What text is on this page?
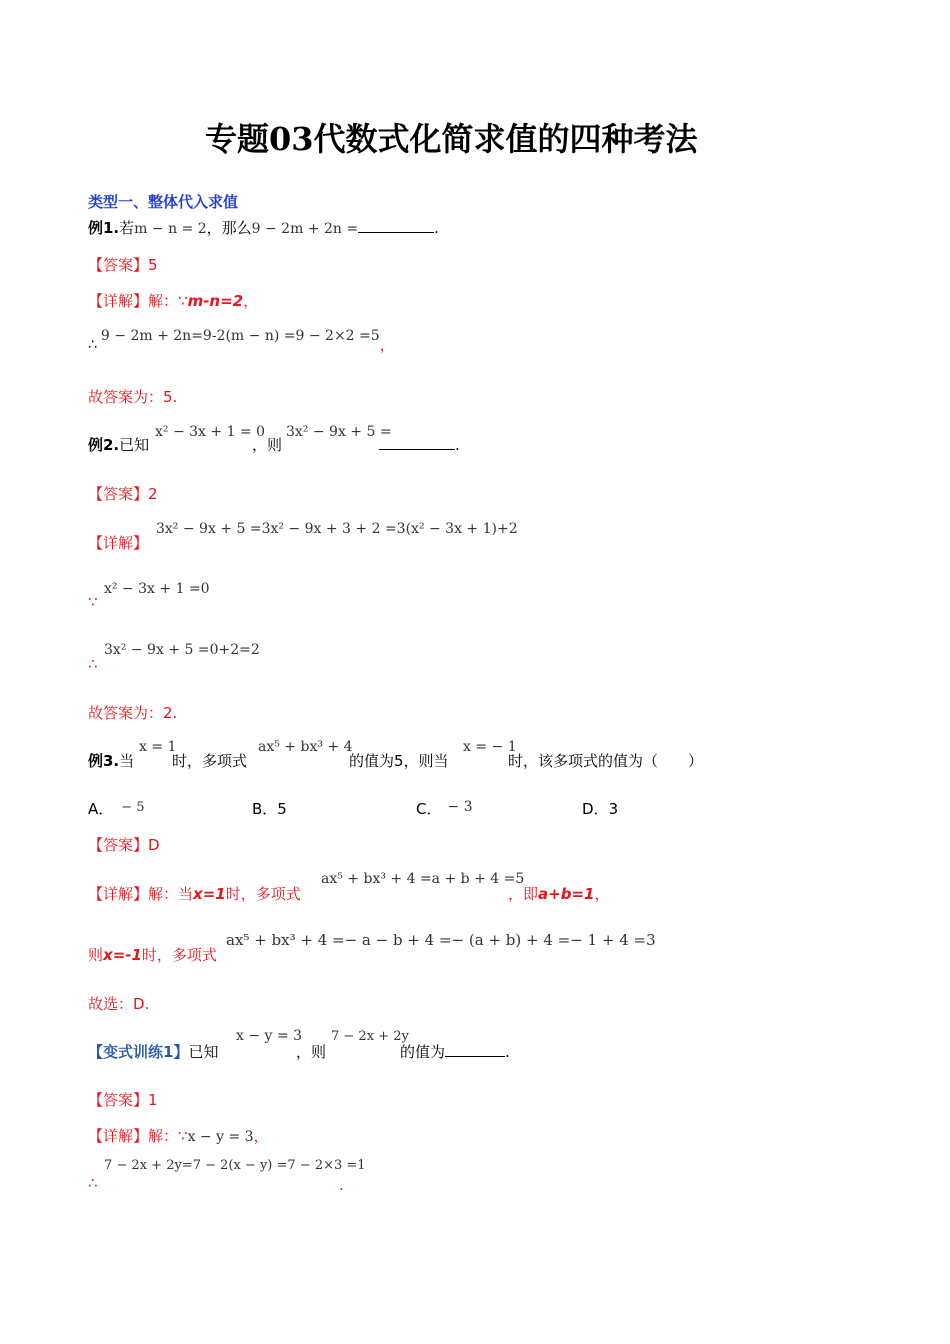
专题03代数式化简求值的四种考法
类型一、整体代入求值
例1.若m − n = 2，那么9 − 2m + 2n =	.
【答案】5
【详解】解：∵m-n=2，
∴9 − 2m + 2n=9-2(m − n) =9 − 2×2 =5，
故答案为：5.
例2.已知
x² − 3x + 1 = 0
，则
3x² − 9x + 5 =
.
【答案】2
【详解】
3x² − 9x + 5 =3x² − 9x + 3 + 2 =3(x² − 3x + 1)+2
∵
x² − 3x + 1 =0
∴
3x² − 9x + 5 =0+2=2
故答案为：2.
例3.当
x = 1
时，多项式
ax⁵ + bx³ + 4
的值为5，则当
x = − 1
时，该多项式的值为（　　）
A． − 5	B．5	C． − 3	D．3
【答案】D
【详解】解：当x=1时，多项式
ax⁵ + bx³ + 4 =a + b + 4 =5
，即a+b=1，
则x=-1时，多项式
ax⁵ + bx³ + 4 =− a − b + 4 =− (a + b) + 4 =− 1 + 4 =3
故选：D.
【变式训练1】已知
x − y = 3
，则
7 − 2x + 2y
的值为	.
【答案】1
【详解】解：∵x − y = 3，
∴
7 − 2x + 2y=7 − 2(x − y) =7 − 2×3 =1
.
